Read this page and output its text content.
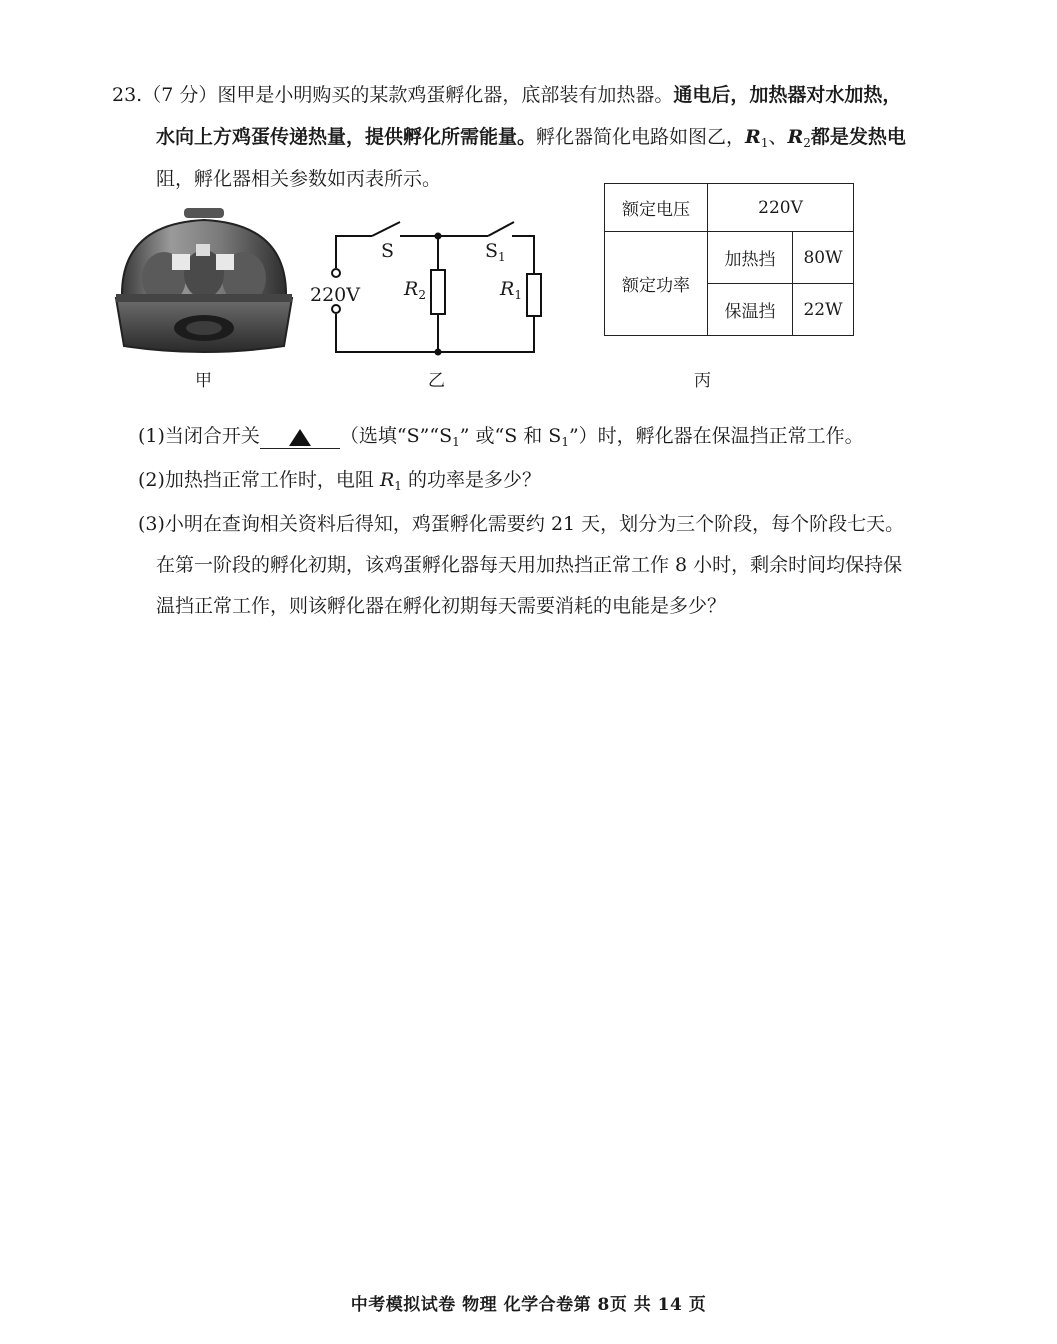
23.（7 分）图甲是小明购买的某款鸡蛋孵化器，底部装有加热器。通电后，加热器对水加热，
水向上方鸡蛋传递热量，提供孵化所需能量。孵化器简化电路如图乙，$R_1$、$R_2$都是发热电
阻，孵化器相关参数如丙表所示。
甲
S	$S_1$
220V $R_2$	$R_1$
乙
额定电压	220V	
额定功率	加热挡	80W
	保温挡	22W
丙
(1)当闭合开关	（选填“$S”“S_1$” 或“S 和 $S_1$”）时，孵化器在保温挡正常工作。
(2)加热挡正常工作时，电阻 $R_1$ 的功率是多少？
(3)小明在查询相关资料后得知，鸡蛋孵化需要约 21 天，划分为三个阶段，每个阶段七天。
在第一阶段的孵化初期，该鸡蛋孵化器每天用加热挡正常工作 8 小时，剩余时间均保持保
温挡正常工作，则该孵化器在孵化初期每天需要消耗的电能是多少？
中考模拟试卷 物理 化学合卷第 8页 共 14 页
